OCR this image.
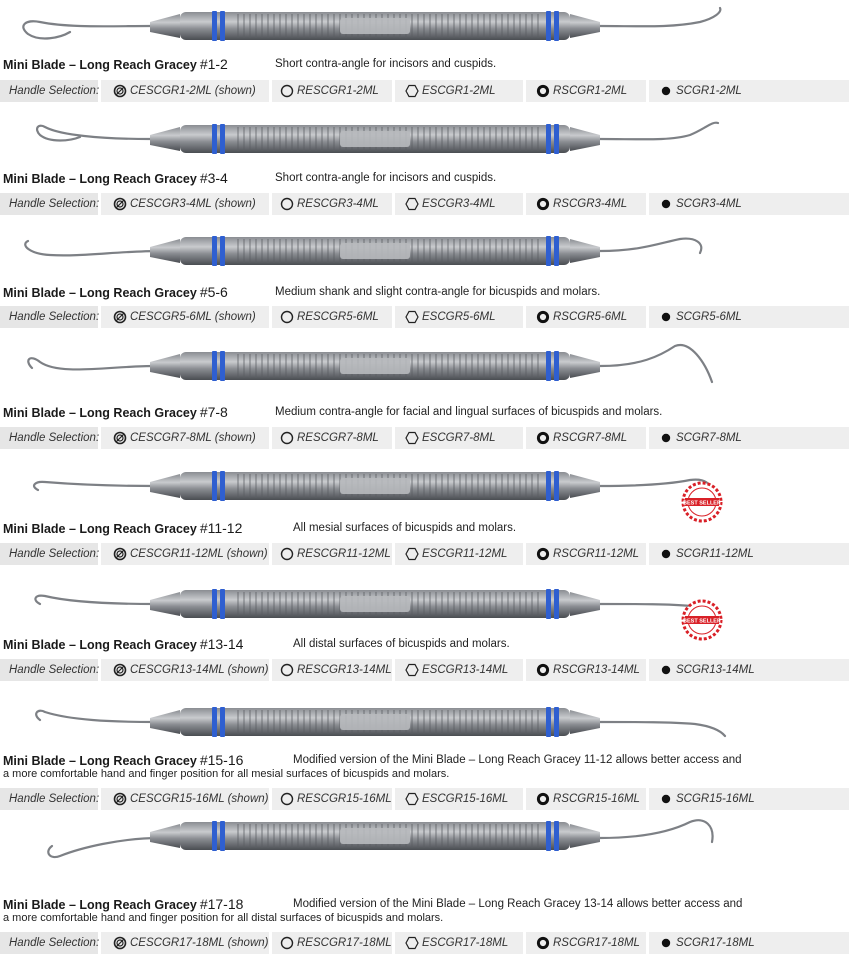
Mini Blade – Long Reach Gracey #1-2	Short contra-angle for incisors and cuspids.
Handle Selection:	CESCGR1-2ML (shown)	RESCGR1-2ML	ESCGR1-2ML	RSCGR1-2ML	SCGR1-2ML
Mini Blade – Long Reach Gracey #3-4	Short contra-angle for incisors and cuspids.
Handle Selection:	CESCGR3-4ML (shown)	RESCGR3-4ML	ESCGR3-4ML	RSCGR3-4ML	SCGR3-4ML
Mini Blade – Long Reach Gracey #5-6	Medium shank and slight contra-angle for bicuspids and molars.
Handle Selection:	CESCGR5-6ML (shown)	RESCGR5-6ML	ESCGR5-6ML	RSCGR5-6ML	SCGR5-6ML
Mini Blade – Long Reach Gracey #7-8	Medium contra-angle for facial and lingual surfaces of bicuspids and molars.
Handle Selection:	CESCGR7-8ML (shown)	RESCGR7-8ML	ESCGR7-8ML	RSCGR7-8ML	SCGR7-8ML
BEST SELLER
Mini Blade – Long Reach Gracey #11-12	All mesial surfaces of bicuspids and molars.
Handle Selection:	CESCGR11-12ML (shown)	RESCGR11-12ML	ESCGR11-12ML	RSCGR11-12ML	SCGR11-12ML
BEST SELLER
Mini Blade – Long Reach Gracey #13-14	All distal surfaces of bicuspids and molars.
Handle Selection:	CESCGR13-14ML (shown) RESCGR13-14ML	ESCGR13-14ML	RSCGR13-14ML	SCGR13-14ML
Mini Blade – Long Reach Gracey #15-16	Modified version of the Mini Blade – Long Reach Gracey 11-12 allows better access and
a more comfortable hand and finger position for all mesial surfaces of bicuspids and molars.
Handle Selection:	CESCGR15-16ML (shown) RESCGR15-16ML	ESCGR15-16ML	RSCGR15-16ML	SCGR15-16ML
Mini Blade – Long Reach Gracey #17-18	Modified version of the Mini Blade – Long Reach Gracey 13-14 allows better access and
a more comfortable hand and finger position for all distal surfaces of bicuspids and molars.
Handle Selection:	CESCGR17-18ML (shown) RESCGR17-18ML	ESCGR17-18ML	RSCGR17-18ML	SCGR17-18ML
